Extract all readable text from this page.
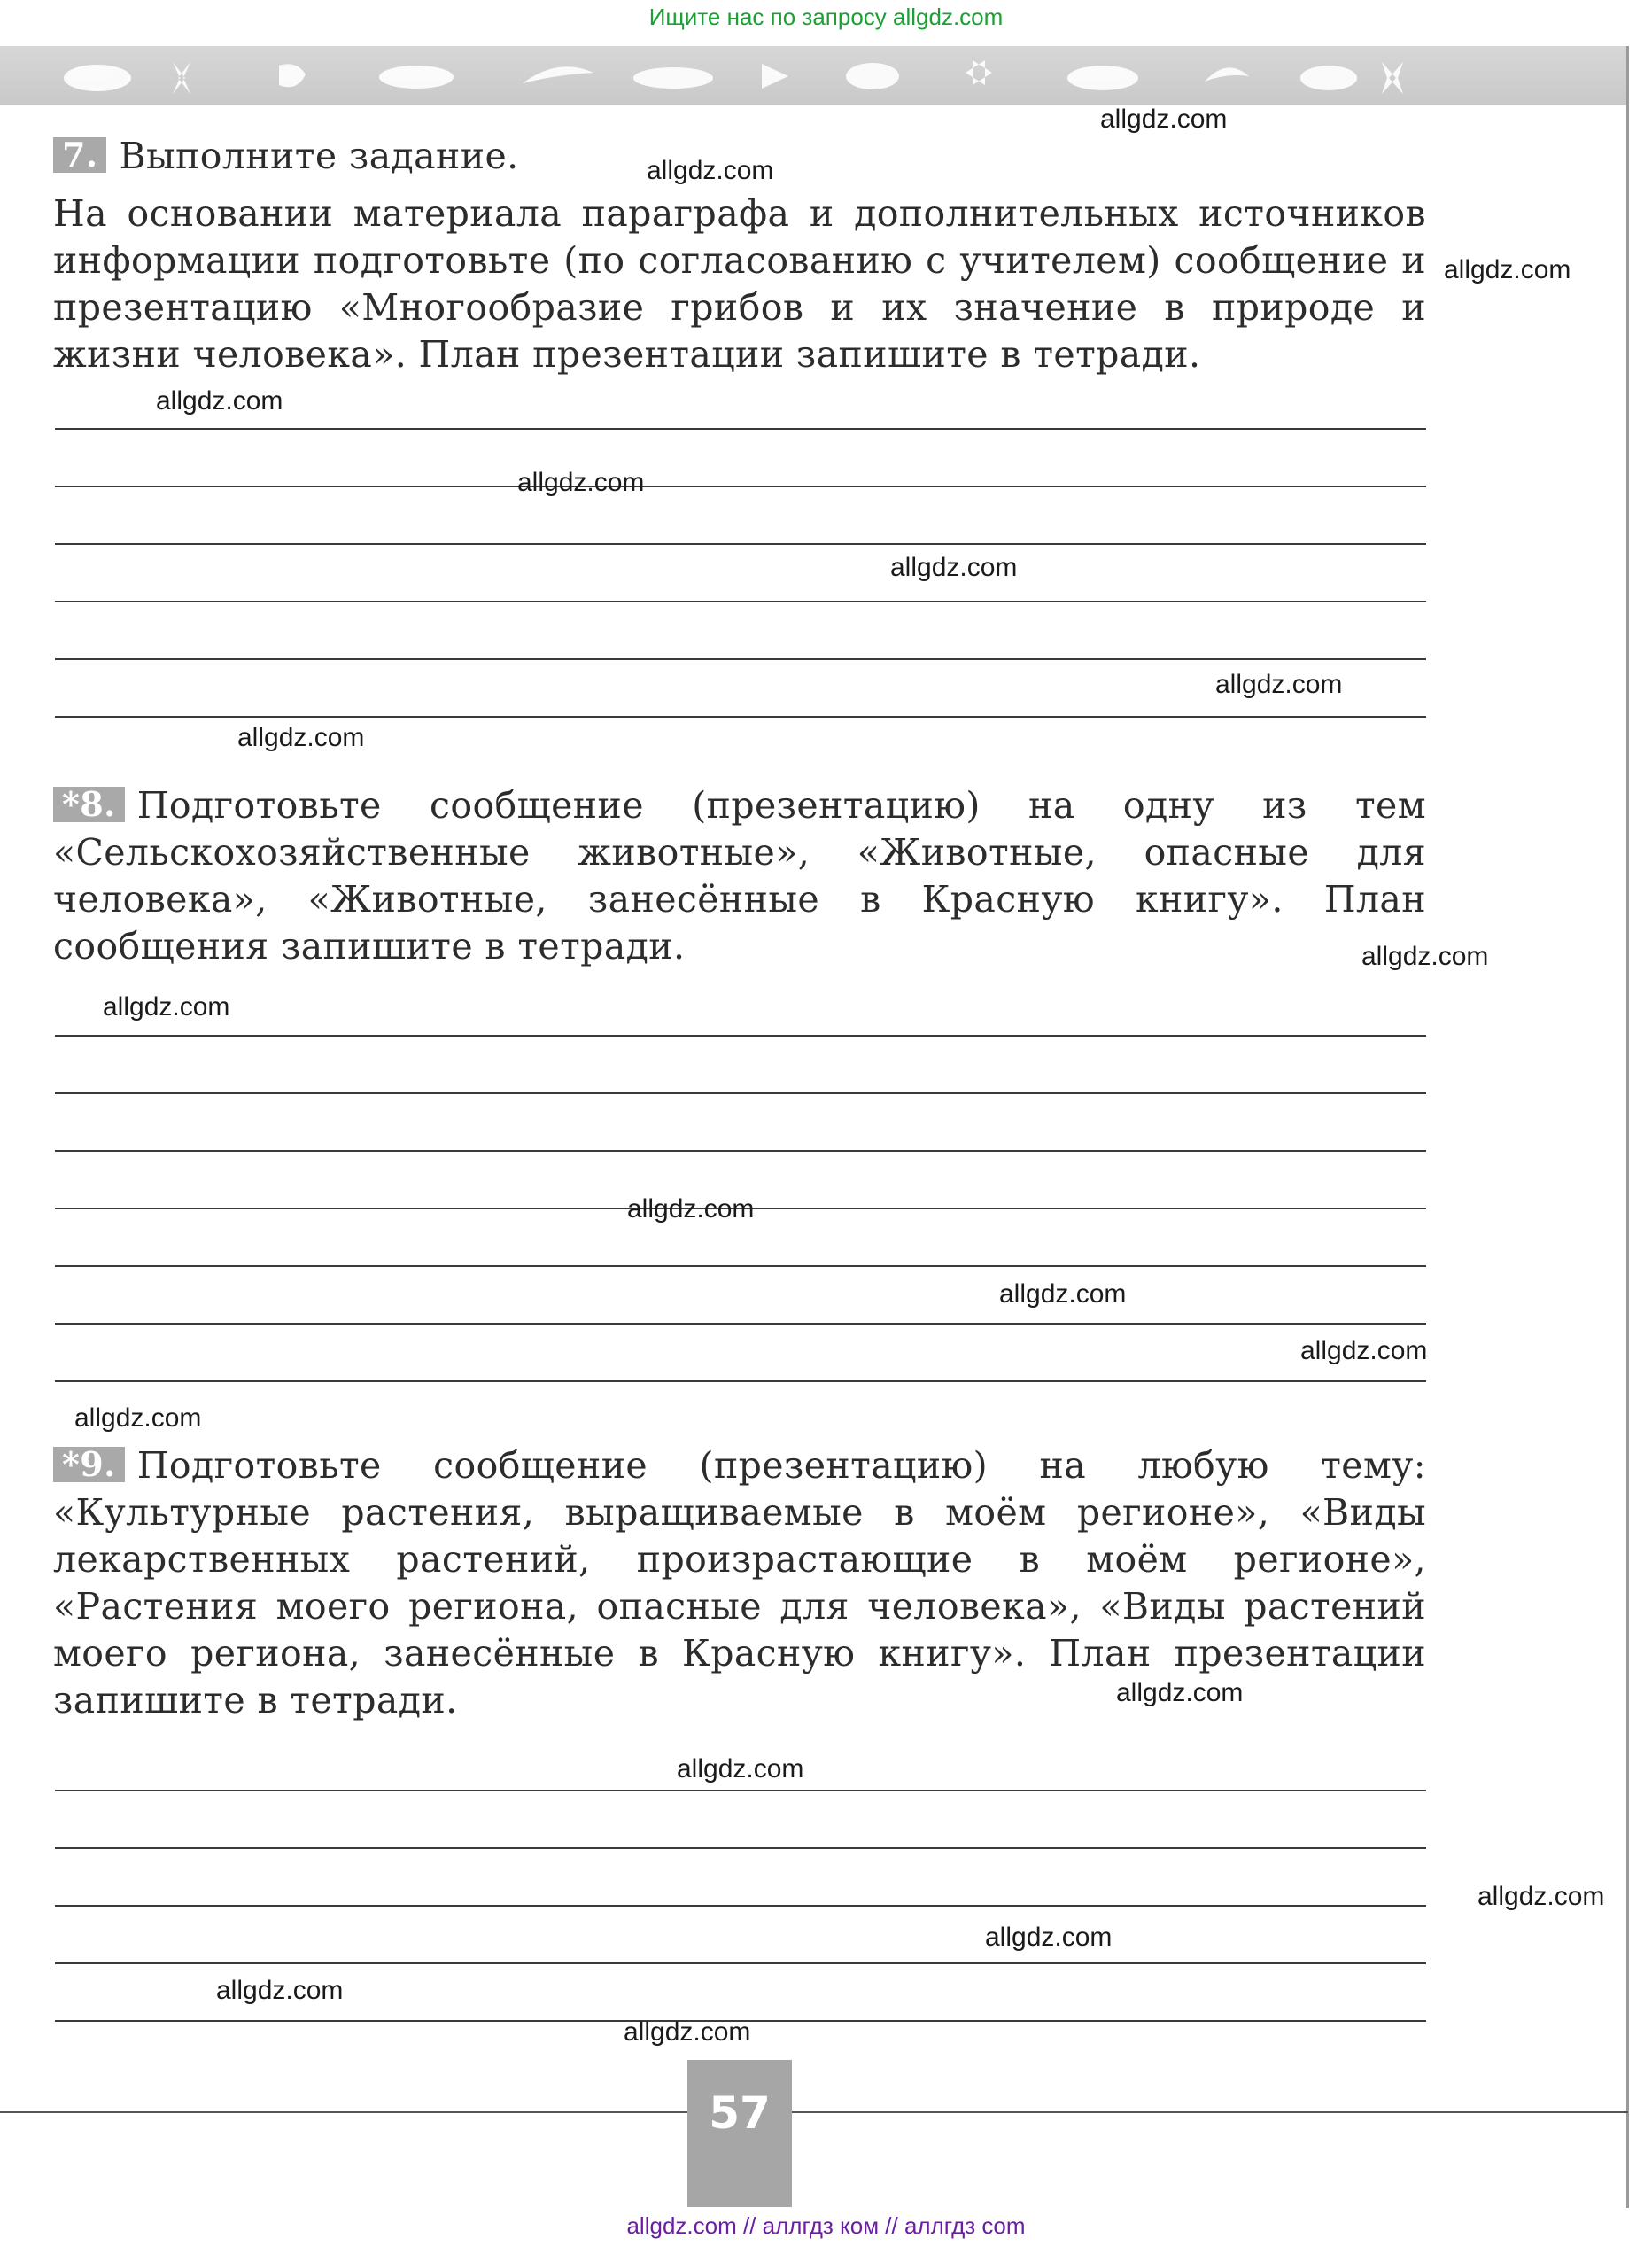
Ищите нас по запросу allgdz.com
7. Выполните задание.
На основании материала параграфа и дополнительных источников информации подготовьте (по согласованию с учителем) сообщение и презентацию «Многообразие грибов и их значение в природе и жизни человека». План презентации запишите в тетради.
*8. Подготовьте сообщение (презентацию) на одну из тем «Сельскохозяйственные животные», «Животные, опасные для человека», «Животные, занесённые в Красную книгу». План сообщения запишите в тетради.
*9. Подготовьте сообщение (презентацию) на любую тему: «Культурные растения, выращиваемые в моём регионе», «Виды лекарственных растений, произрастающие в моём регионе», «Растения моего региона, опасные для человека», «Виды растений моего региона, занесённые в Красную книгу». План презентации запишите в тетради.
57
allgdz.com
allgdz.com
allgdz.com
allgdz.com
allgdz.com
allgdz.com
allgdz.com
allgdz.com
allgdz.com
allgdz.com
allgdz.com
allgdz.com
allgdz.com
allgdz.com
allgdz.com
allgdz.com
allgdz.com
allgdz.com
allgdz.com
allgdz.com
allgdz.com // аллгдз ком // аллгдз com
